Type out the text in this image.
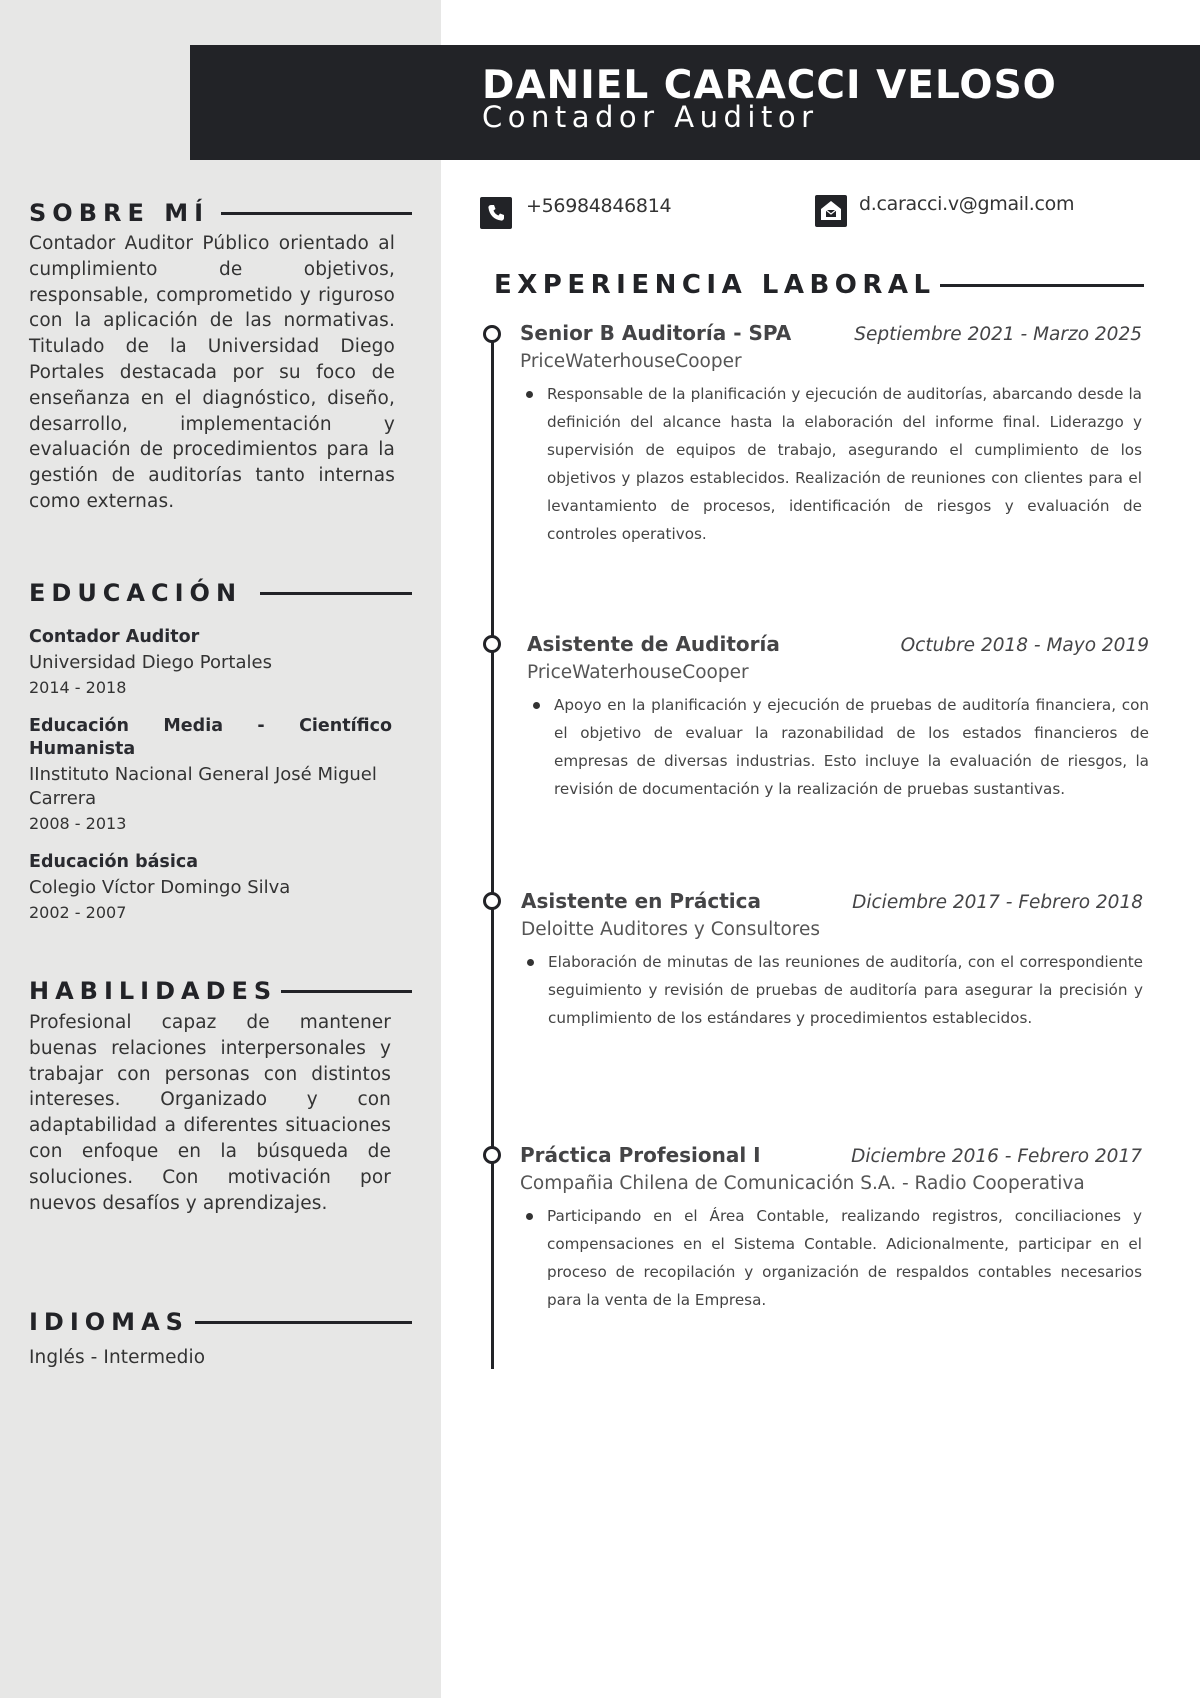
DANIEL CARACCI VELOSO
Contador Auditor
SOBRE MÍ
Contador Auditor Público orientado al cumplimiento de objetivos, responsable, comprometido y riguroso con la aplicación de las normativas. Titulado de la Universidad Diego Portales destacada por su foco de enseñanza en el diagnóstico, diseño, desarrollo, implementación y evaluación de procedimientos para la gestión de auditorías tanto internas como externas.
EDUCACIÓN
Contador Auditor
Universidad Diego Portales
2014 - 2018
Educación Media - Científico Humanista
IInstituto Nacional General José Miguel Carrera
2008 - 2013
Educación básica
Colegio Víctor Domingo Silva
2002 - 2007
HABILIDADES
Profesional capaz de mantener buenas relaciones interpersonales y trabajar con personas con distintos intereses. Organizado y con adaptabilidad a diferentes situaciones con enfoque en la búsqueda de soluciones. Con motivación por nuevos desafíos y aprendizajes.
IDIOMAS
Inglés - Intermedio
+56984846814	d.caracci.v@gmail.com
EXPERIENCIA LABORAL
Senior B Auditoría - SPA	Septiembre 2021 - Marzo 2025
PriceWaterhouseCooper
Responsable de la planificación y ejecución de auditorías, abarcando desde la definición del alcance hasta la elaboración del informe final. Liderazgo y supervisión de equipos de trabajo, asegurando el cumplimiento de los objetivos y plazos establecidos. Realización de reuniones con clientes para el levantamiento de procesos, identificación de riesgos y evaluación de controles operativos.
Asistente de Auditoría	Octubre 2018 - Mayo 2019
PriceWaterhouseCooper
Apoyo en la planificación y ejecución de pruebas de auditoría financiera, con el objetivo de evaluar la razonabilidad de los estados financieros de empresas de diversas industrias. Esto incluye la evaluación de riesgos, la revisión de documentación y la realización de pruebas sustantivas.
Asistente en Práctica	Diciembre 2017 - Febrero 2018
Deloitte Auditores y Consultores
Elaboración de minutas de las reuniones de auditoría, con el correspondiente seguimiento y revisión de pruebas de auditoría para asegurar la precisión y cumplimiento de los estándares y procedimientos establecidos.
Práctica Profesional I	Diciembre 2016 - Febrero 2017
Compañia Chilena de Comunicación S.A. - Radio Cooperativa
Participando en el Área Contable, realizando registros, conciliaciones y compensaciones en el Sistema Contable. Adicionalmente, participar en el proceso de recopilación y organización de respaldos contables necesarios para la venta de la Empresa.
